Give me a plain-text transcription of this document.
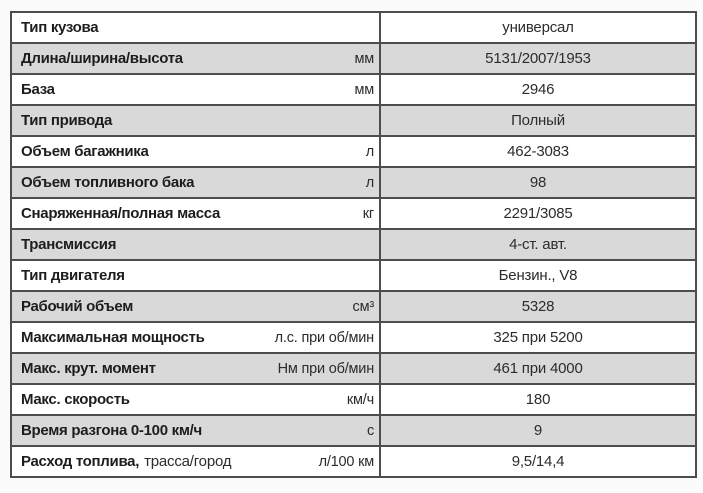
Тип кузова	универсал
Длина/ширина/высота	мм	5131/2007/1953
База	мм	2946
Тип привода	Полный
Объем багажника	л	462-3083
Объем топливного бака	л	98
Снаряженная/полная масса	кг	2291/3085
Трансмиссия	4-ст. авт.
Тип двигателя	Бензин., V8
Рабочий объем	см³	5328
Максимальная мощность	л.с. при об/мин	325 при 5200
Макс. крут. момент	Нм при об/мин	461 при 4000
Макс. скорость	км/ч	180
Время разгона 0-100 км/ч	с	9
Расход топлива, трасса/город	л/100 км	9,5/14,4
